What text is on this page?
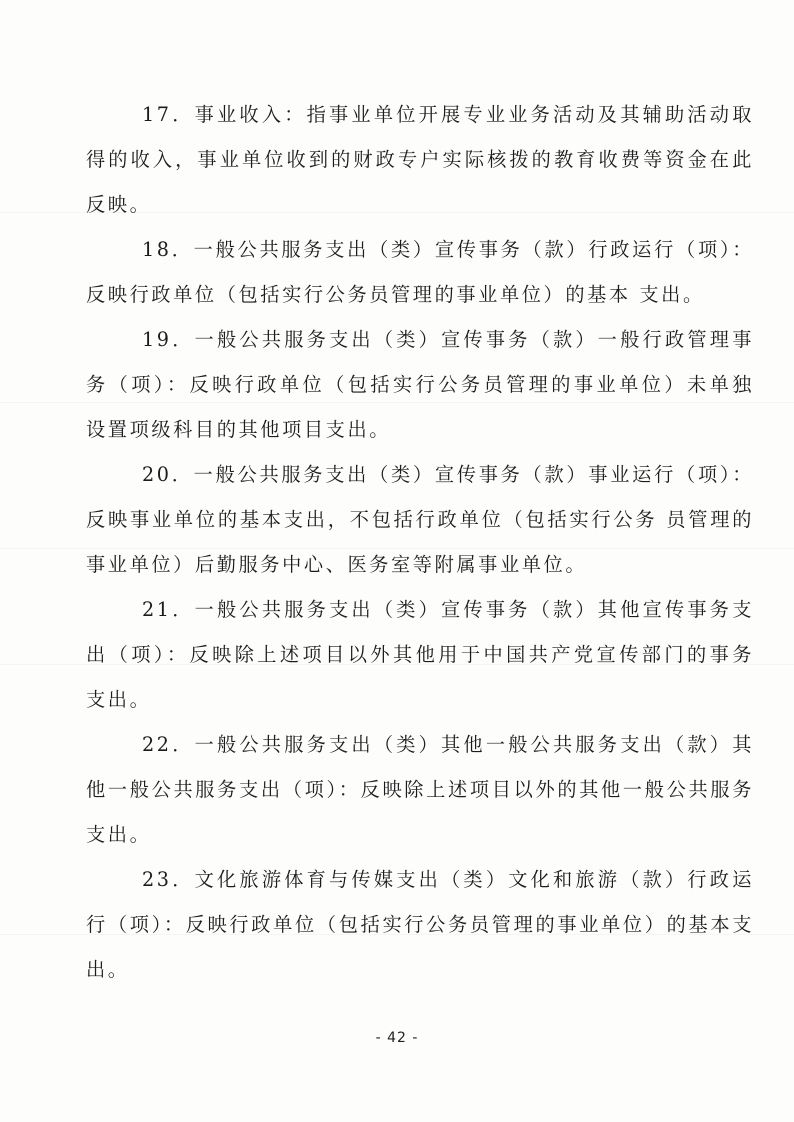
17．事业收入：指事业单位开展专业业务活动及其辅助活动取得的收入，事业单位收到的财政专户实际核拨的教育收费等资金在此反映。

18．一般公共服务支出（类）宣传事务（款）行政运行（项）：反映行政单位（包括实行公务员管理的事业单位）的基本 支出。

19．一般公共服务支出（类）宣传事务（款）一般行政管理事务（项）：反映行政单位（包括实行公务员管理的事业单位）未单独 设置项级科目的其他项目支出。

20．一般公共服务支出（类）宣传事务（款）事业运行（项）：反映事业单位的基本支出，不包括行政单位（包括实行公务 员管理的事业单位）后勤服务中心、医务室等附属事业单位。

21．一般公共服务支出（类）宣传事务（款）其他宣传事务支出（项）：反映除上述项目以外其他用于中国共产党宣传部门的事务 支出。

22．一般公共服务支出（类）其他一般公共服务支出（款）其他一般公共服务支出（项）：反映除上述项目以外的其他一般公共服务支出。

23．文化旅游体育与传媒支出（类）文化和旅游（款）行政运行（项）：反映行政单位（包括实行公务员管理的事业单位）的基本支出。

- 42 -
